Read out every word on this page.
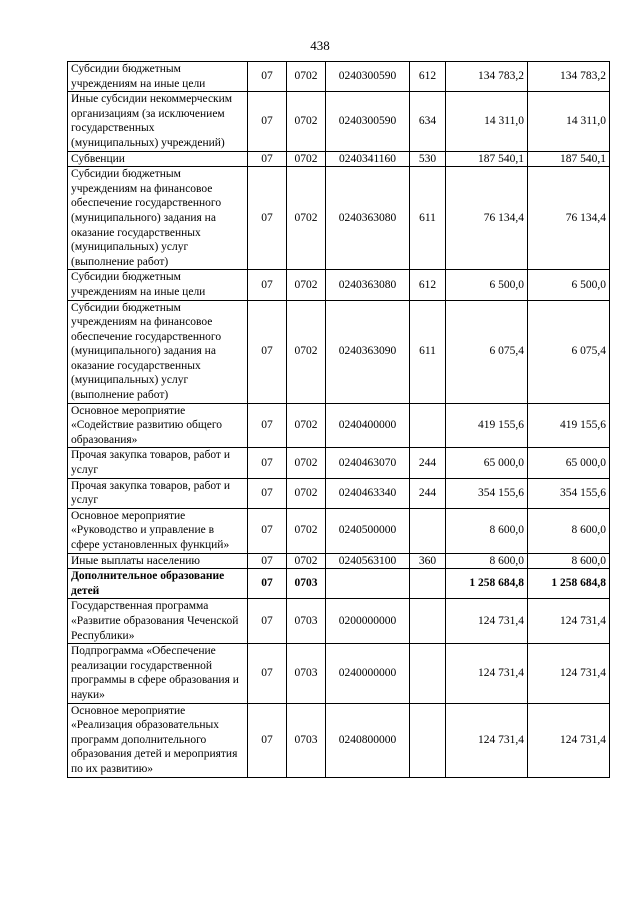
438
Субсидии бюджетным учреждениям на иные цели	07	0702	0240300590	612	134 783,2	134 783,2
Иные субсидии некоммерческим организациям (за исключением государственных (муниципальных) учреждений)	07	0702	0240300590	634	14 311,0	14 311,0
Субвенции	07	0702	0240341160	530	187 540,1	187 540,1
Субсидии бюджетным учреждениям на финансовое обеспечение государственного (муниципального) задания на оказание государственных (муниципальных) услуг (выполнение работ)	07	0702	0240363080	611	76 134,4	76 134,4
Субсидии бюджетным учреждениям на иные цели	07	0702	0240363080	612	6 500,0	6 500,0
Субсидии бюджетным учреждениям на финансовое обеспечение государственного (муниципального) задания на оказание государственных (муниципальных) услуг (выполнение работ)	07	0702	0240363090	611	6 075,4	6 075,4
Основное мероприятие «Содействие развитию общего образования»	07	0702	0240400000		419 155,6	419 155,6
Прочая закупка товаров, работ и услуг	07	0702	0240463070	244	65 000,0	65 000,0
Прочая закупка товаров, работ и услуг	07	0702	0240463340	244	354 155,6	354 155,6
Основное мероприятие «Руководство и управление в сфере установленных функций»	07	0702	0240500000		8 600,0	8 600,0
Иные выплаты населению	07	0702	0240563100	360	8 600,0	8 600,0
Дополнительное образование детей	07	0703			1 258 684,8	1 258 684,8
Государственная программа «Развитие образования Чеченской Республики»	07	0703	0200000000		124 731,4	124 731,4
Подпрограмма «Обеспечение реализации государственной программы в сфере образования и науки»	07	0703	0240000000		124 731,4	124 731,4
Основное мероприятие «Реализация образовательных программ дополнительного образования детей и мероприятия по их развитию»	07	0703	0240800000		124 731,4	124 731,4
